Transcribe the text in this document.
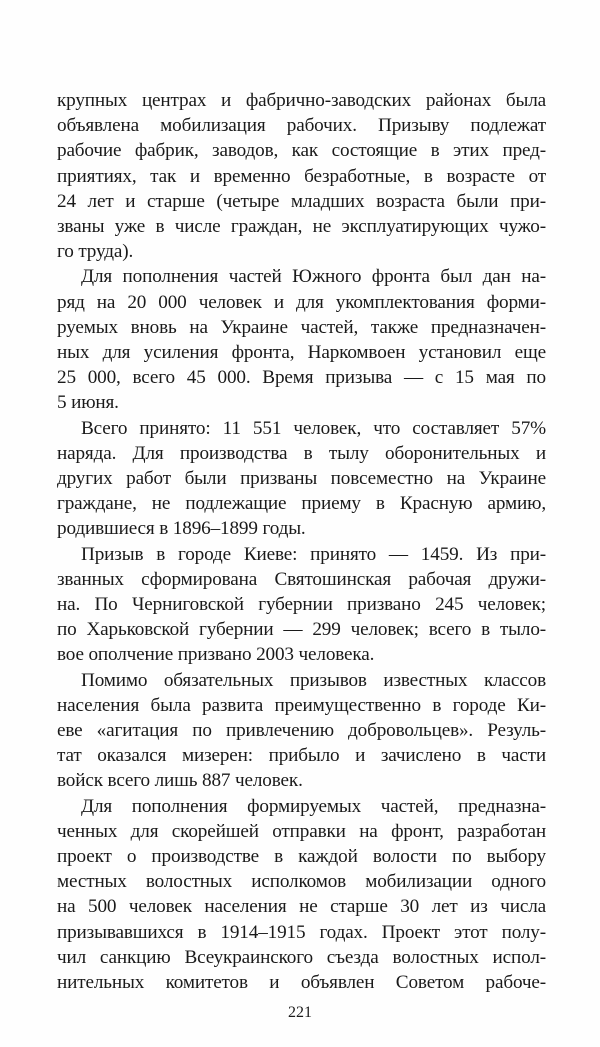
крупных центрах и фабрично-заводских районах была
объявлена мобилизация рабочих. Призыву подлежат
рабочие фабрик, заводов, как состоящие в этих пред-
приятиях, так и временно безработные, в возрасте от
24 лет и старше (четыре младших возраста были при-
званы уже в числе граждан, не эксплуатирующих чужо-
го труда).
Для пополнения частей Южного фронта был дан на-
ряд на 20 000 человек и для укомплектования форми-
руемых вновь на Украине частей, также предназначен-
ных для усиления фронта, Наркомвоен установил еще
25 000, всего 45 000. Время призыва — с 15 мая по
5 июня.
Всего принято: 11 551 человек, что составляет 57%
наряда. Для производства в тылу оборонительных и
других работ были призваны повсеместно на Украине
граждане, не подлежащие приему в Красную армию,
родившиеся в 1896–1899 годы.
Призыв в городе Киеве: принято — 1459. Из при-
званных сформирована Святошинская рабочая дружи-
на. По Черниговской губернии призвано 245 человек;
по Харьковской губернии — 299 человек; всего в тыло-
вое ополчение призвано 2003 человека.
Помимо обязательных призывов известных классов
населения была развита преимущественно в городе Ки-
еве «агитация по привлечению добровольцев». Резуль-
тат оказался мизерен: прибыло и зачислено в части
войск всего лишь 887 человек.
Для пополнения формируемых частей, предназна-
ченных для скорейшей отправки на фронт, разработан
проект о производстве в каждой волости по выбору
местных волостных исполкомов мобилизации одного
на 500 человек населения не старше 30 лет из числа
призывавшихся в 1914–1915 годах. Проект этот полу-
чил санкцию Всеукраинского съезда волостных испол-
нительных комитетов и объявлен Советом рабоче-
221
